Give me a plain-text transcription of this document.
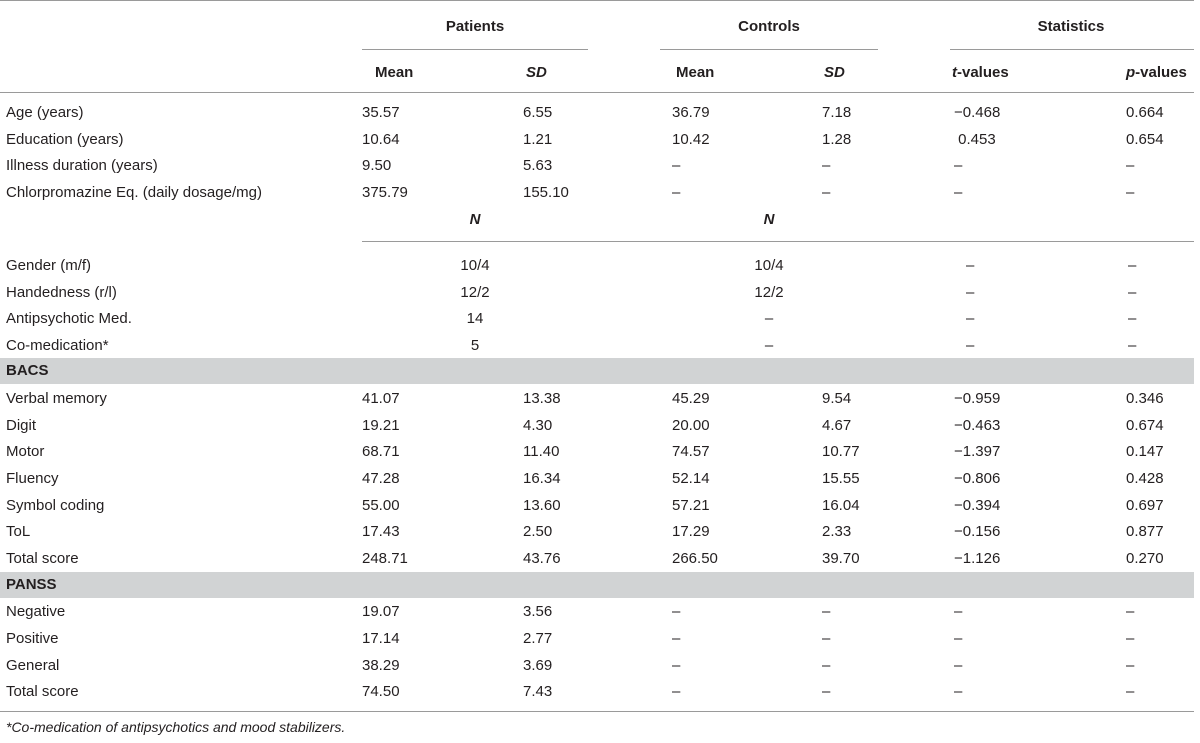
Patients	Controls	Statistics
Mean	SD	Mean	SD	t-values	p-values
Age (years)	35.57	6.55	36.79	7.18	−0.468	0.664
Education (years)	10.64	1.21	10.42	1.28	0.453	0.654
Illness duration (years)	9.50	5.63	–	–	–	–
Chlorpromazine Eq. (daily dosage/mg)	375.79	155.10	–	–	–	–
N	N
Gender (m/f)	10/4	10/4	–	–
Handedness (r/l)	12/2	12/2	–	–
Antipsychotic Med.	14	–	–	–
Co-medication*	5	–	–	–
BACS
Verbal memory	41.07	13.38	45.29	9.54	−0.959	0.346
Digit	19.21	4.30	20.00	4.67	−0.463	0.674
Motor	68.71	11.40	74.57	10.77	−1.397	0.147
Fluency	47.28	16.34	52.14	15.55	−0.806	0.428
Symbol coding	55.00	13.60	57.21	16.04	−0.394	0.697
ToL	17.43	2.50	17.29	2.33	−0.156	0.877
Total score	248.71	43.76	266.50	39.70	−1.126	0.270
PANSS
Negative	19.07	3.56	–	–	–	–
Positive	17.14	2.77	–	–	–	–
General	38.29	3.69	–	–	–	–
Total score	74.50	7.43	–	–	–	–
*Co-medication of antipsychotics and mood stabilizers.
